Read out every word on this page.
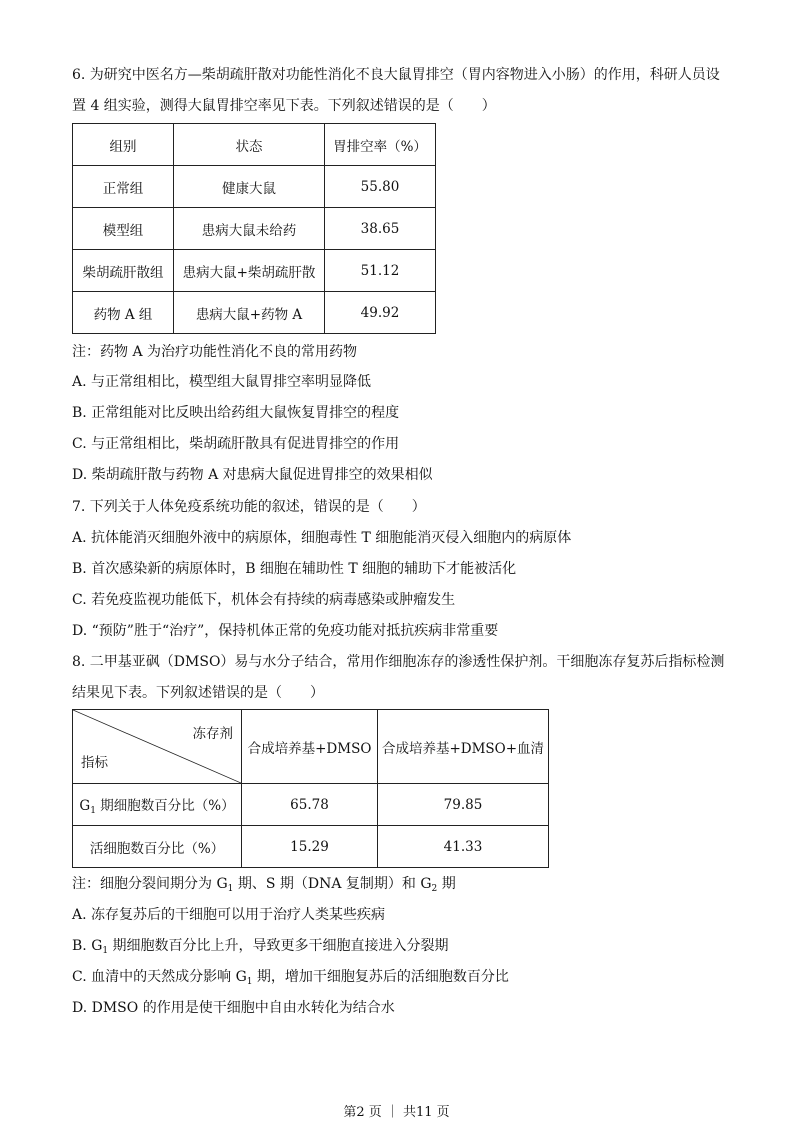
6. 为研究中医名方—柴胡疏肝散对功能性消化不良大鼠胃排空（胃内容物进入小肠）的作用，科研人员设
置 4 组实验，测得大鼠胃排空率见下表。下列叙述错误的是（　　）
组别	状态	胃排空率（%）
正常组	健康大鼠	55.80
模型组	患病大鼠未给药	38.65
柴胡疏肝散组	患病大鼠+柴胡疏肝散	51.12
药物 A 组	患病大鼠+药物 A	49.92
注：药物 A 为治疗功能性消化不良的常用药物
A. 与正常组相比，模型组大鼠胃排空率明显降低
B. 正常组能对比反映出给药组大鼠恢复胃排空的程度
C. 与正常组相比，柴胡疏肝散具有促进胃排空的作用
D. 柴胡疏肝散与药物 A 对患病大鼠促进胃排空的效果相似
7. 下列关于人体免疫系统功能的叙述，错误的是（　　）
A. 抗体能消灭细胞外液中的病原体，细胞毒性 T 细胞能消灭侵入细胞内的病原体
B. 首次感染新的病原体时，B 细胞在辅助性 T 细胞的辅助下才能被活化
C. 若免疫监视功能低下，机体会有持续的病毒感染或肿瘤发生
D. “预防”胜于“治疗”，保持机体正常的免疫功能对抵抗疾病非常重要
8. 二甲基亚砜（DMSO）易与水分子结合，常用作细胞冻存的渗透性保护剂。干细胞冻存复苏后指标检测
结果见下表。下列叙述错误的是（　　）
冻存剂
指标	合成培养基+DMSO	合成培养基+DMSO+血清
$G_1$ 期细胞数百分比（%）	65.78	79.85
活细胞数百分比（%）	15.29	41.33
注：细胞分裂间期分为 $G_1$ 期、S 期（DNA 复制期）和 $G_2$ 期
A. 冻存复苏后的干细胞可以用于治疗人类某些疾病
B. $G_1$ 期细胞数百分比上升，导致更多干细胞直接进入分裂期
C. 血清中的天然成分影响 $G_1$ 期，增加干细胞复苏后的活细胞数百分比
D. DMSO 的作用是使干细胞中自由水转化为结合水
第2 页 ｜ 共11 页
